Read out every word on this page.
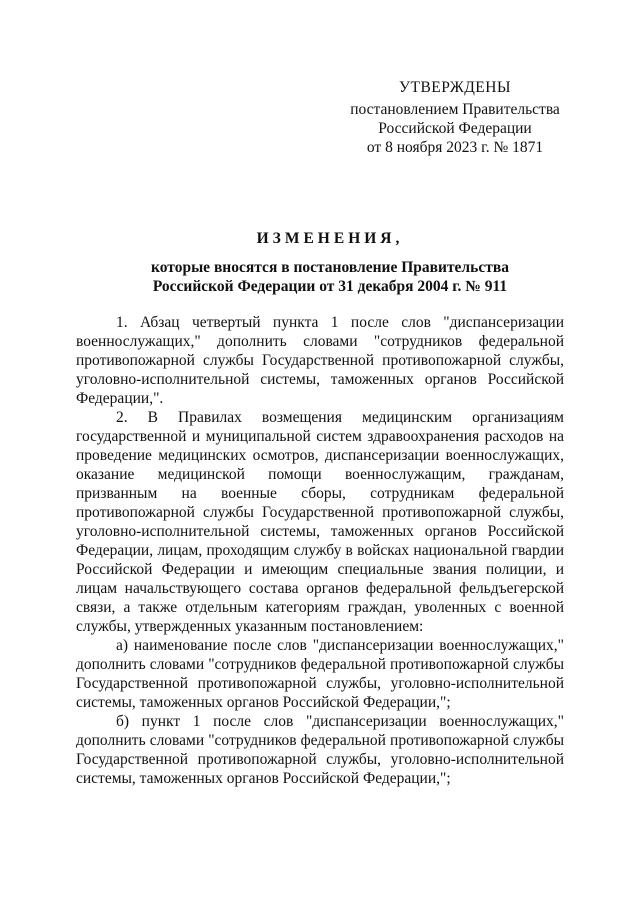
УТВЕРЖДЕНЫ
постановлением Правительства
Российской Федерации
от 8 ноября 2023 г. № 1871
ИЗМЕНЕНИЯ,
которые вносятся в постановление Правительства
Российской Федерации от 31 декабря 2004 г. № 911

1. Абзац четвертый пункта 1 после слов "диспансеризации военнослужащих," дополнить словами "сотрудников федеральной противопожарной службы Государственной противопожарной службы, уголовно-исполнительной системы, таможенных органов Российской Федерации,".

2. В Правилах возмещения медицинским организациям государственной и муниципальной систем здравоохранения расходов на проведение медицинских осмотров, диспансеризации военнослужащих, оказание медицинской помощи военнослужащим, гражданам, призванным на военные сборы, сотрудникам федеральной противопожарной службы Государственной противопожарной службы, уголовно-исполнительной системы, таможенных органов Российской Федерации, лицам, проходящим службу в войсках национальной гвардии Российской Федерации и имеющим специальные звания полиции, и лицам начальствующего состава органов федеральной фельдъегерской связи, а также отдельным категориям граждан, уволенных с военной службы, утвержденных указанным постановлением:

а) наименование после слов "диспансеризации военнослужащих," дополнить словами "сотрудников федеральной противопожарной службы Государственной противопожарной службы, уголовно-исполнительной системы, таможенных органов Российской Федерации,";

б) пункт 1 после слов "диспансеризации военнослужащих," дополнить словами "сотрудников федеральной противопожарной службы Государственной противопожарной службы, уголовно-исполнительной системы, таможенных органов Российской Федерации,";
